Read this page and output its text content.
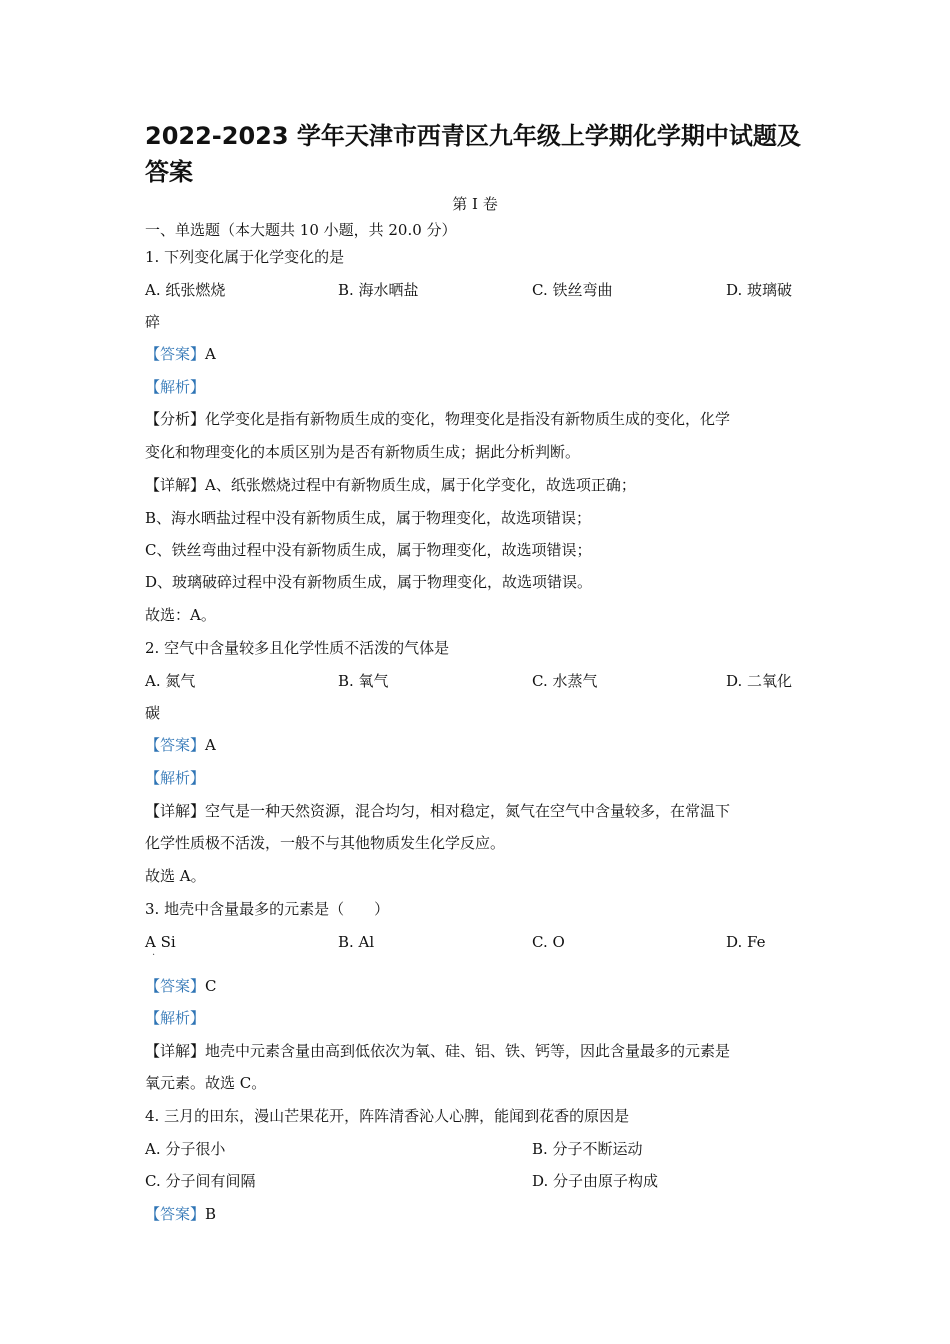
2022-2023 学年天津市西青区九年级上学期化学期中试题及
答案
第 I 卷
一、单选题（本大题共 10 小题，共 20.0 分）
1. 下列变化属于化学变化的是
A. 纸张燃烧	B. 海水晒盐	C. 铁丝弯曲	D. 玻璃破
碎
【答案】A
【解析】
【分析】化学变化是指有新物质生成的变化，物理变化是指没有新物质生成的变化，化学
变化和物理变化的本质区别为是否有新物质生成；据此分析判断。
【详解】A、纸张燃烧过程中有新物质生成，属于化学变化，故选项正确；
B、海水晒盐过程中没有新物质生成，属于物理变化，故选项错误；
C、铁丝弯曲过程中没有新物质生成，属于物理变化，故选项错误；
D、玻璃破碎过程中没有新物质生成，属于物理变化，故选项错误。
故选：A。
2. 空气中含量较多且化学性质不活泼的气体是
A. 氮气	B. 氧气	C. 水蒸气	D. 二氧化
碳
【答案】A
【解析】
【详解】空气是一种天然资源，混合均匀，相对稳定，氮气在空气中含量较多，在常温下
化学性质极不活泼，一般不与其他物质发生化学反应。
故选 A。
3. 地壳中含量最多的元素是（　　）
A Si
·
B. Al	C. O	D. Fe
【答案】C
【解析】
【详解】地壳中元素含量由高到低依次为氧、硅、铝、铁、钙等，因此含量最多的元素是
氧元素。故选 C。
4. 三月的田东，漫山芒果花开，阵阵清香沁人心脾，能闻到花香的原因是
A. 分子很小	B. 分子不断运动
C. 分子间有间隔	D. 分子由原子构成
【答案】B
